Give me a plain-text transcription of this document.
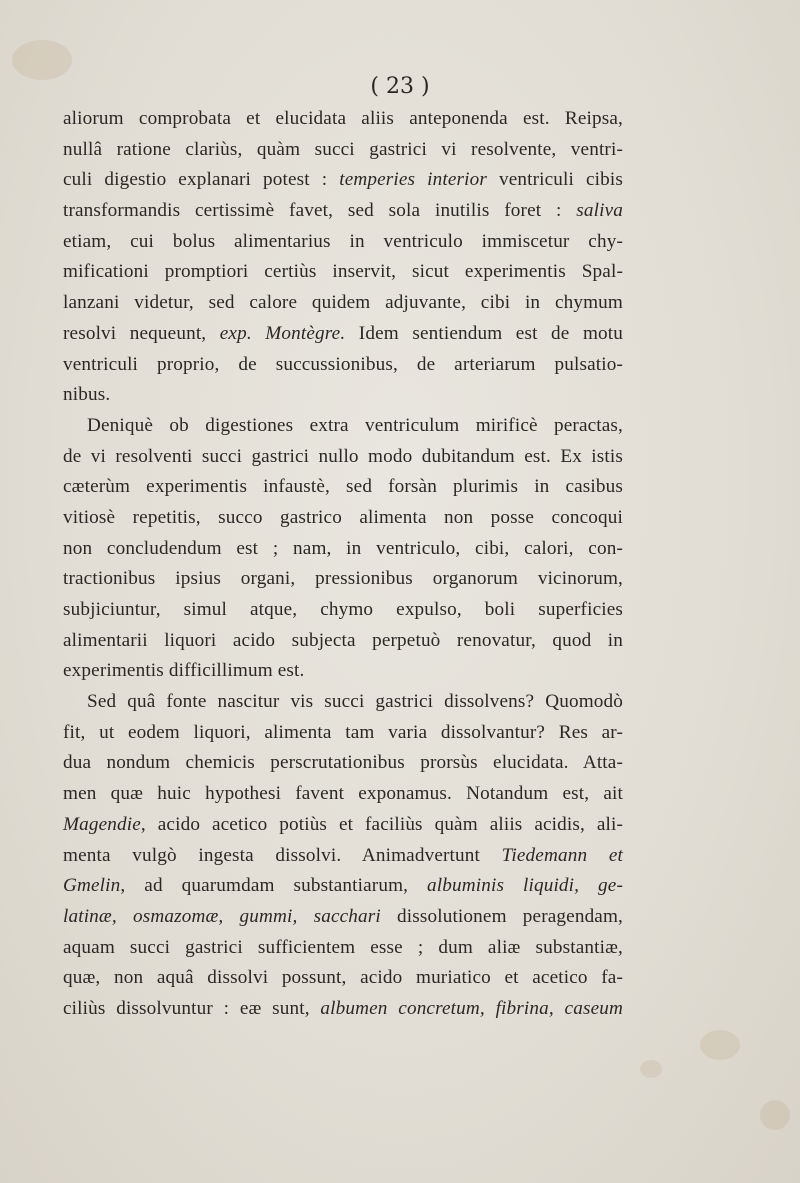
( 23 )
aliorum comprobata et elucidata aliis anteponenda est. Reipsa,
nullâ ratione clariùs, quàm succi gastrici vi resolvente, ventri-
culi digestio explanari potest : temperies interior ventriculi cibis
transformandis certissimè favet, sed sola inutilis foret : saliva
etiam, cui bolus alimentarius in ventriculo immiscetur chy-
mificationi promptiori certiùs inservit, sicut experimentis Spal-
lanzani videtur, sed calore quidem adjuvante, cibi in chymum
resolvi nequeunt, exp. Montègre. Idem sentiendum est de motu
ventriculi proprio, de succussionibus, de arteriarum pulsatio-
nibus.
Deniquè ob digestiones extra ventriculum mirificè peractas,
de vi resolventi succi gastrici nullo modo dubitandum est. Ex istis
cæterùm experimentis infaustè, sed forsàn plurimis in casibus
vitiosè repetitis, succo gastrico alimenta non posse concoqui
non concludendum est ; nam, in ventriculo, cibi, calori, con-
tractionibus ipsius organi, pressionibus organorum vicinorum,
subjiciuntur, simul atque, chymo expulso, boli superficies
alimentarii liquori acido subjecta perpetuò renovatur, quod in
experimentis difficillimum est.
Sed quâ fonte nascitur vis succi gastrici dissolvens? Quomodò
fit, ut eodem liquori, alimenta tam varia dissolvantur? Res ar-
dua nondum chemicis perscrutationibus prorsùs elucidata. Atta-
men quæ huic hypothesi favent exponamus. Notandum est, ait
Magendie, acido acetico potiùs et faciliùs quàm aliis acidis, ali-
menta vulgò ingesta dissolvi. Animadvertunt Tiedemann et
Gmelin, ad quarumdam substantiarum, albuminis liquidi, ge-
latinæ, osmazomæ, gummi, sacchari dissolutionem peragendam,
aquam succi gastrici sufficientem esse ; dum aliæ substantiæ,
quæ, non aquâ dissolvi possunt, acido muriatico et acetico fa-
ciliùs dissolvuntur : eæ sunt, albumen concretum, fibrina, caseum
